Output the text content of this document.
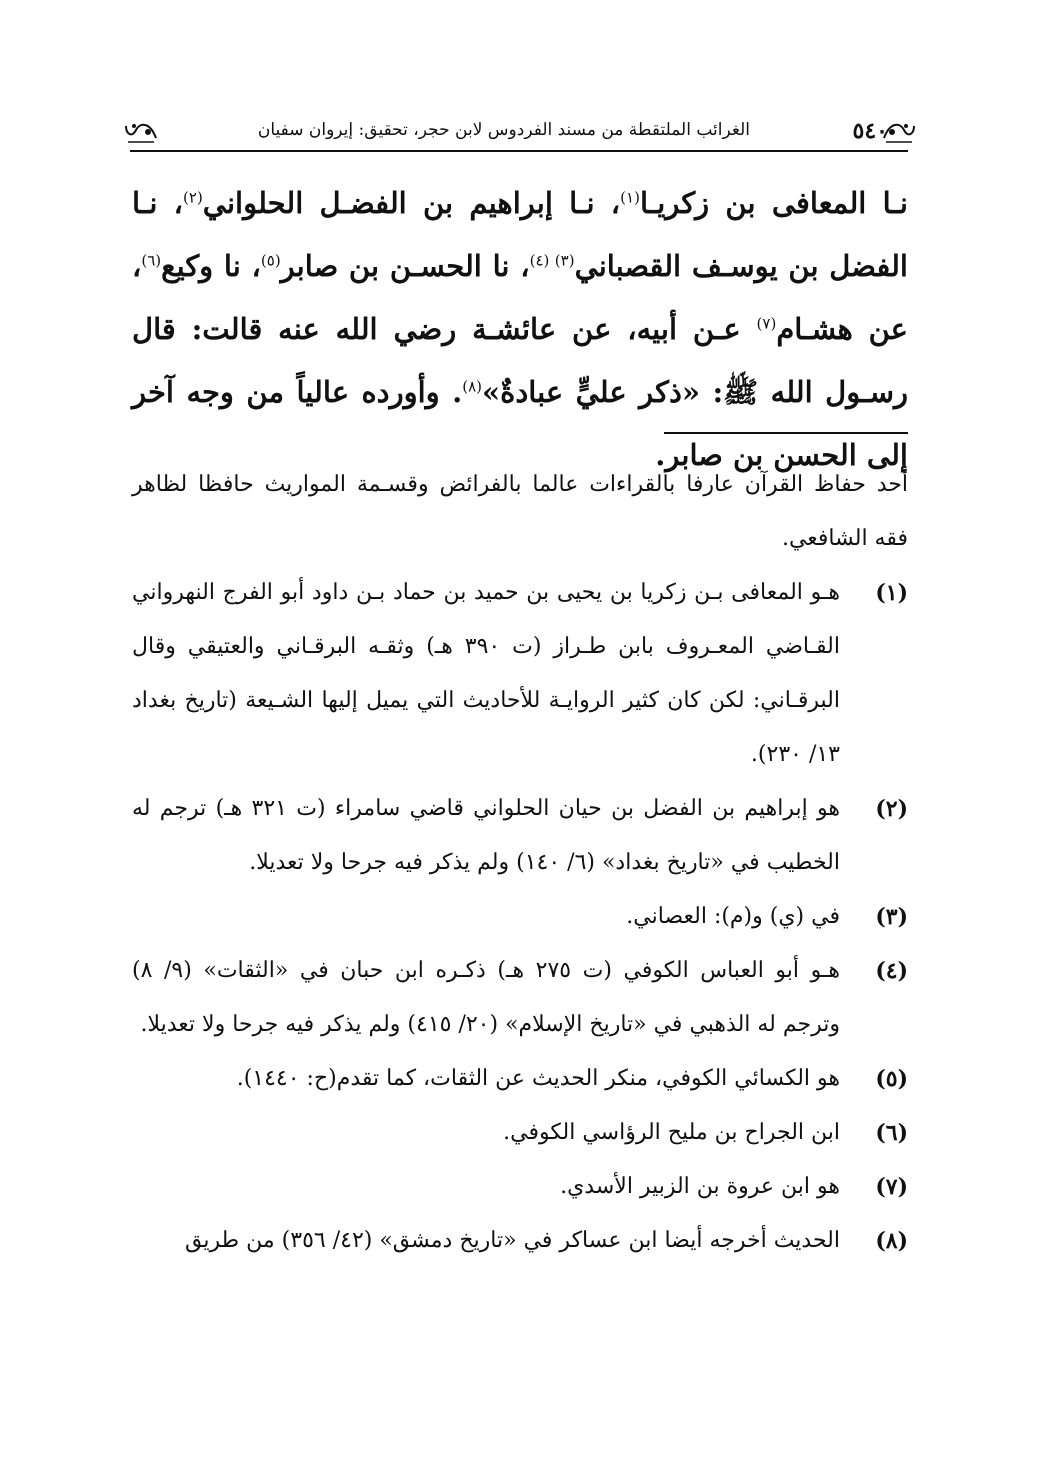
٥٤٠
الغرائب الملتقطة من مسند الفردوس لابن حجر، تحقيق: إيروان سفيان

نـا المعافى بن زكريـا$^{(١)}$، نـا إبراهيم بن الفضـل الحلواني$^{(٢)}$، نـا الفضل بن يوسـف القصباني$^{(٣) (٤)}$، نا الحسـن بن صابر$^{(٥)}$، نا وكيع$^{(٦)}$، عن هشـام$^{(٧)}$ عـن أبيه، عن عائشـة رضي الله عنه قالت: قال رسـول الله ﷺ: «ذكر عليٍّ عبادةٌ»$^{(٨)}$. وأورده عالياً من وجه آخر إلى الحسن بن صابر.

أحد حفاظ القرآن عارفا بالقراءات عالما بالفرائض وقسـمة المواريث حافظا لظاهر فقه الشافعي.

(١)
هـو المعافى بـن زكريا بن يحيى بن حميد بن حماد بـن داود أبو الفرج النهرواني القـاضي المعـروف بابن طـراز (ت ٣٩٠ هـ) وثقـه البرقـاني والعتيقي وقال البرقـاني: لكن كان كثير الروايـة للأحاديث التي يميل إليها الشـيعة (تاريخ بغداد ١٣/ ٢٣٠).

(٢)
هو إبراهيم بن الفضل بن حيان الحلواني قاضي سامراء (ت ٣٢١ هـ) ترجم له الخطيب في «تاريخ بغداد» (٦/ ١٤٠) ولم يذكر فيه جرحا ولا تعديلا.

(٣)
في (ي) و(م): العصاني.

(٤)
هـو أبو العباس الكوفي (ت ٢٧٥ هـ) ذكـره ابن حبان في «الثقات» (٩/ ٨) وترجم له الذهبي في «تاريخ الإسلام» (٢٠/ ٤١٥) ولم يذكر فيه جرحا ولا تعديلا.

(٥)
هو الكسائي الكوفي، منكر الحديث عن الثقات، كما تقدم(ح: ١٤٤٠).

(٦)
ابن الجراح بن مليح الرؤاسي الكوفي.

(٧)
هو ابن عروة بن الزبير الأسدي.

(٨)
الحديث أخرجه أيضا ابن عساكر في «تاريخ دمشق» (٤٢/ ٣٥٦) من طريق
